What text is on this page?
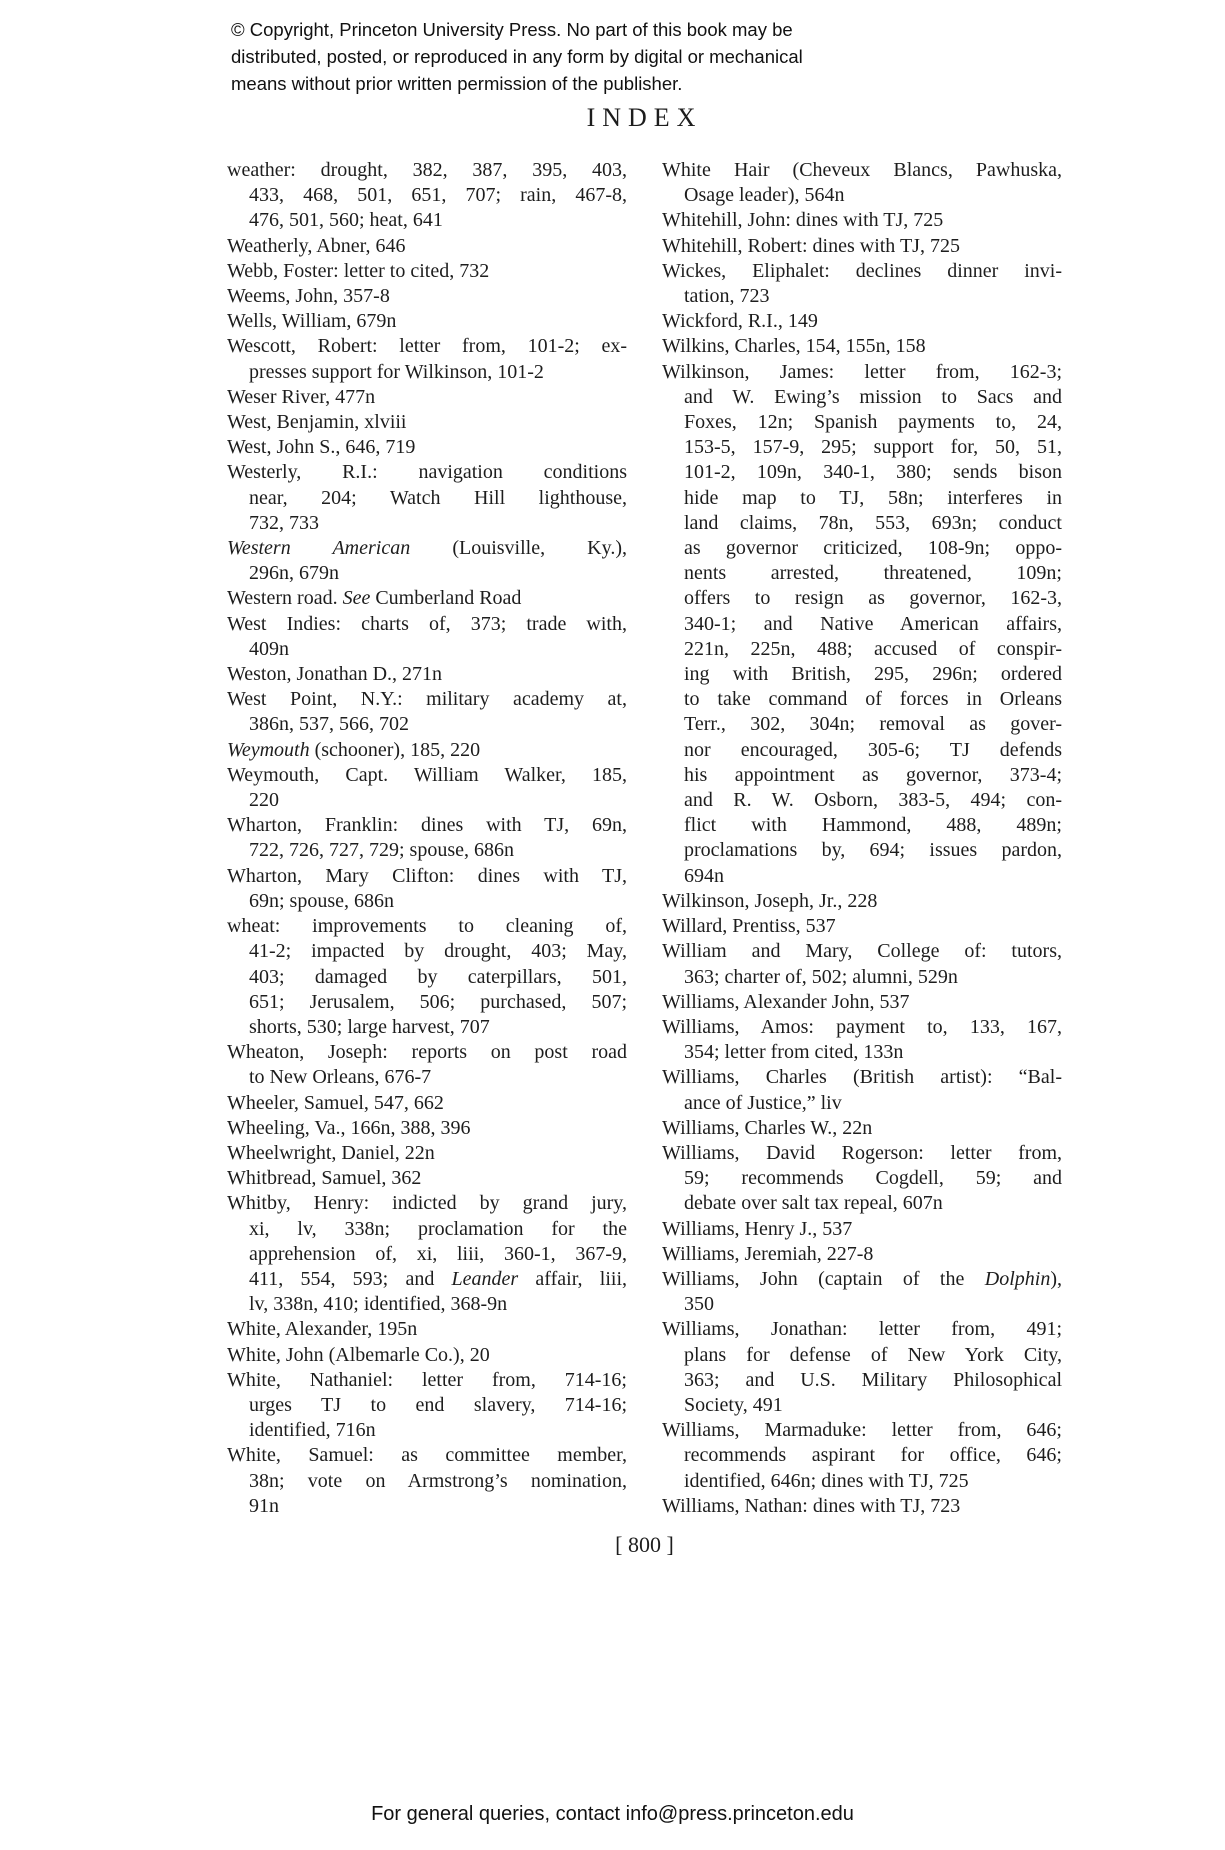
© Copyright, Princeton University Press. No part of this book may be
distributed, posted, or reproduced in any form by digital or mechanical
means without prior written permission of the publisher.
INDEX
weather: drought, 382, 387, 395, 403,
433, 468, 501, 651, 707; rain, 467-8,
476, 501, 560; heat, 641
Weatherly, Abner, 646
Webb, Foster: letter to cited, 732
Weems, John, 357-8
Wells, William, 679n
Wescott, Robert: letter from, 101-2; ex-
presses support for Wilkinson, 101-2
Weser River, 477n
West, Benjamin, xlviii
West, John S., 646, 719
Westerly, R.I.: navigation conditions
near, 204; Watch Hill lighthouse,
732, 733
Western American (Louisville, Ky.),
296n, 679n
Western road. See Cumberland Road
West Indies: charts of, 373; trade with,
409n
Weston, Jonathan D., 271n
West Point, N.Y.: military academy at,
386n, 537, 566, 702
Weymouth (schooner), 185, 220
Weymouth, Capt. William Walker, 185,
220
Wharton, Franklin: dines with TJ, 69n,
722, 726, 727, 729; spouse, 686n
Wharton, Mary Clifton: dines with TJ,
69n; spouse, 686n
wheat: improvements to cleaning of,
41-2; impacted by drought, 403; May,
403; damaged by caterpillars, 501,
651; Jerusalem, 506; purchased, 507;
shorts, 530; large harvest, 707
Wheaton, Joseph: reports on post road
to New Orleans, 676-7
Wheeler, Samuel, 547, 662
Wheeling, Va., 166n, 388, 396
Wheelwright, Daniel, 22n
Whitbread, Samuel, 362
Whitby, Henry: indicted by grand jury,
xi, lv, 338n; proclamation for the
apprehension of, xi, liii, 360-1, 367-9,
411, 554, 593; and Leander affair, liii,
lv, 338n, 410; identified, 368-9n
White, Alexander, 195n
White, John (Albemarle Co.), 20
White, Nathaniel: letter from, 714-16;
urges TJ to end slavery, 714-16;
identified, 716n
White, Samuel: as committee member,
38n; vote on Armstrong’s nomination,
91n
White Hair (Cheveux Blancs, Pawhuska,
Osage leader), 564n
Whitehill, John: dines with TJ, 725
Whitehill, Robert: dines with TJ, 725
Wickes, Eliphalet: declines dinner invi-
tation, 723
Wickford, R.I., 149
Wilkins, Charles, 154, 155n, 158
Wilkinson, James: letter from, 162-3;
and W. Ewing’s mission to Sacs and
Foxes, 12n; Spanish payments to, 24,
153-5, 157-9, 295; support for, 50, 51,
101-2, 109n, 340-1, 380; sends bison
hide map to TJ, 58n; interferes in
land claims, 78n, 553, 693n; conduct
as governor criticized, 108-9n; oppo-
nents arrested, threatened, 109n;
offers to resign as governor, 162-3,
340-1; and Native American affairs,
221n, 225n, 488; accused of conspir-
ing with British, 295, 296n; ordered
to take command of forces in Orleans
Terr., 302, 304n; removal as gover-
nor encouraged, 305-6; TJ defends
his appointment as governor, 373-4;
and R. W. Osborn, 383-5, 494; con-
flict with Hammond, 488, 489n;
proclamations by, 694; issues pardon,
694n
Wilkinson, Joseph, Jr., 228
Willard, Prentiss, 537
William and Mary, College of: tutors,
363; charter of, 502; alumni, 529n
Williams, Alexander John, 537
Williams, Amos: payment to, 133, 167,
354; letter from cited, 133n
Williams, Charles (British artist): “Bal-
ance of Justice,” liv
Williams, Charles W., 22n
Williams, David Rogerson: letter from,
59; recommends Cogdell, 59; and
debate over salt tax repeal, 607n
Williams, Henry J., 537
Williams, Jeremiah, 227-8
Williams, John (captain of the Dolphin),
350
Williams, Jonathan: letter from, 491;
plans for defense of New York City,
363; and U.S. Military Philosophical
Society, 491
Williams, Marmaduke: letter from, 646;
recommends aspirant for office, 646;
identified, 646n; dines with TJ, 725
Williams, Nathan: dines with TJ, 723
[ 800 ]
For general queries, contact info@press.princeton.edu
